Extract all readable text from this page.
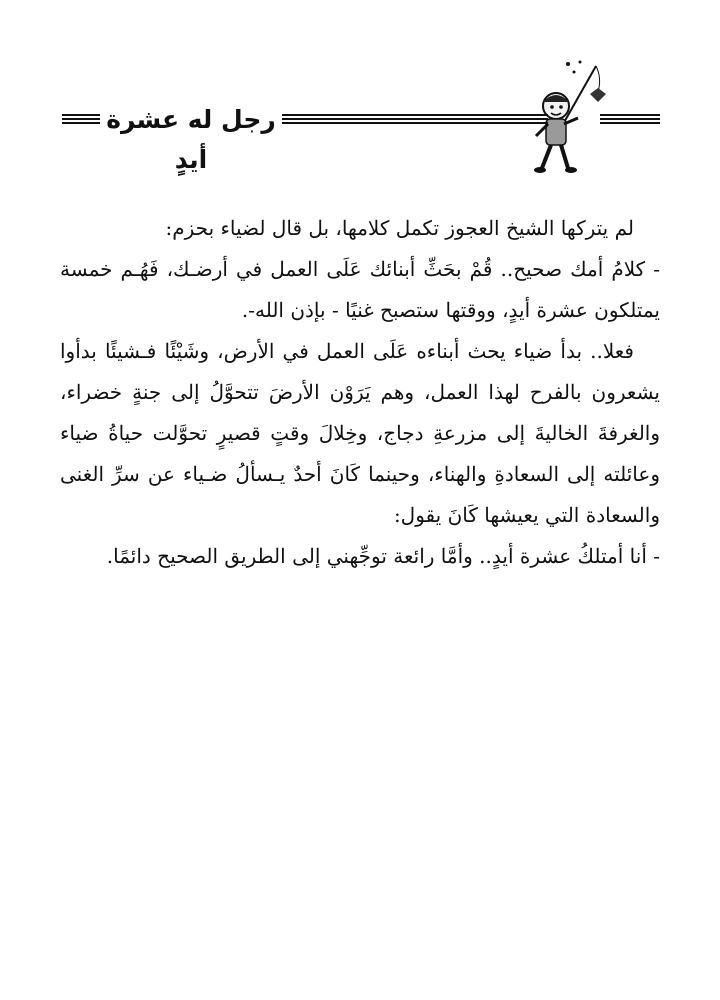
رجل له عشرة أيدٍ

لم يتركها الشيخ العجوز تكمل كلامها، بل قال لضياء بحزم:

- كلامُ أمك صحيح.. قُمْ بحَثِّ أبنائك عَلَى العمل في أرضـك، فَهُـم خمسة يمتلكون عشرة أيدٍ، ووقتها ستصبح غنيًا - بإذن الله-.

فعلا.. بدأ ضياء يحث أبناءه عَلَى العمل في الأرض، وشَيْئًا فـشيئًا بدأوا يشعرون بالفرح لهذا العمل، وهم يَرَوْن الأرضَ تتحوَّلُ إلى جنةٍ خضراء، والغرفةَ الخاليةَ إلى مزرعةِ دجاج، وخِلالَ وقتٍ قصيرٍ تحوَّلت حياةُ ضياء وعائلته إلى السعادةِ والهناء، وحينما كَانَ أحدٌ يـسألُ ضـياء عن سرِّ الغنى والسعادة التي يعيشها كَانَ يقول:

- أنا أمتلكُ عشرة أيدٍ.. وأمَّا رائعة توجِّهني إلى الطريق الصحيح دائمًا.
